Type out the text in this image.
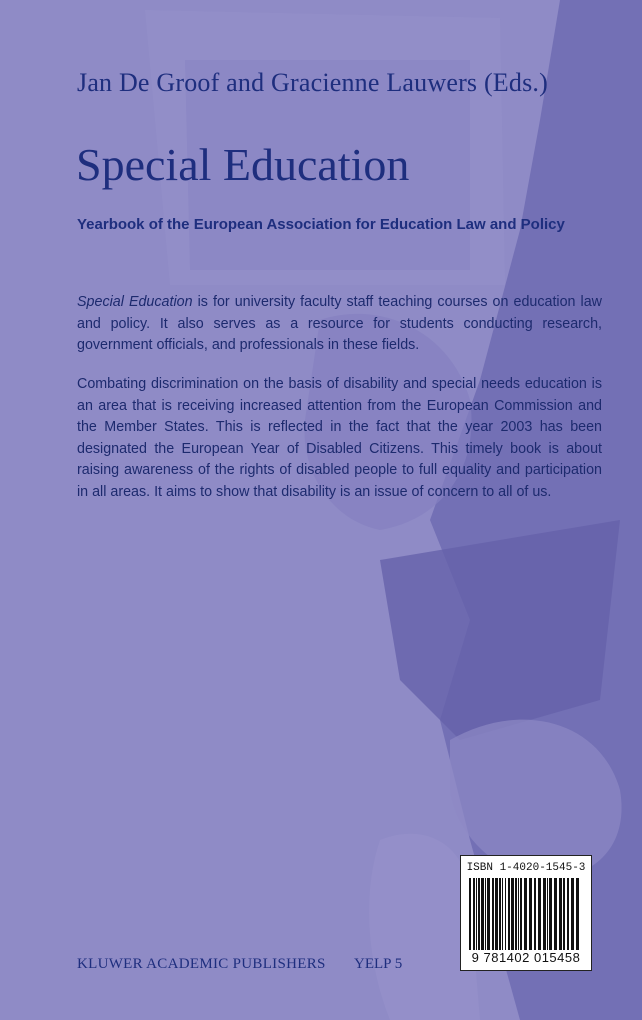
Jan De Groof and Gracienne Lauwers (Eds.)
Special Education
Yearbook of the European Association for Education Law and Policy
Special Education is for university faculty staff teaching courses on education law and policy. It also serves as a resource for students conducting research, government officials, and professionals in these fields.
Combating discrimination on the basis of disability and special needs education is an area that is receiving increased attention from the European Commission and the Member States. This is reflected in the fact that the year 2003 has been designated the European Year of Disabled Citizens. This timely book is about raising awareness of the rights of disabled people to full equality and participation in all areas. It aims to show that disability is an issue of concern to all of us.
KLUWER ACADEMIC PUBLISHERS YELP 5
ISBN 1-4020-1545-3
9 781402 015458
